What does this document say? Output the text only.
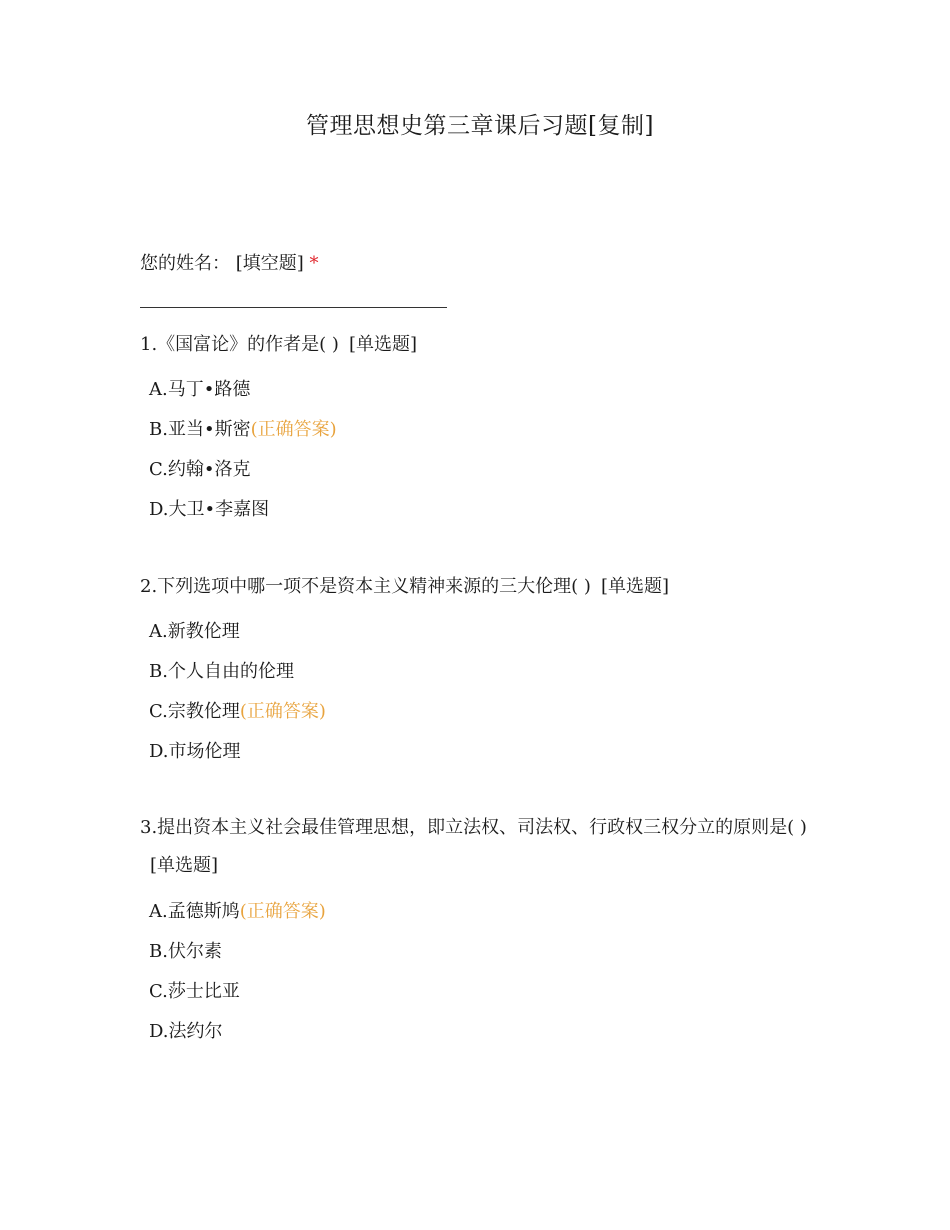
管理思想史第三章课后习题[复制]
您的姓名： [填空题] *
1.《国富论》的作者是( ) [单选题]
A.马丁•路德
B.亚当•斯密(正确答案)
C.约翰•洛克
D.大卫•李嘉图
2.下列选项中哪一项不是资本主义精神来源的三大伦理( ) [单选题]
A.新教伦理
B.个人自由的伦理
C.宗教伦理(正确答案)
D.市场伦理
3.提出资本主义社会最佳管理思想，即立法权、司法权、行政权三权分立的原则是( )[单选题]
A.孟德斯鸠(正确答案)
B.伏尔素
C.莎士比亚
D.法约尔
